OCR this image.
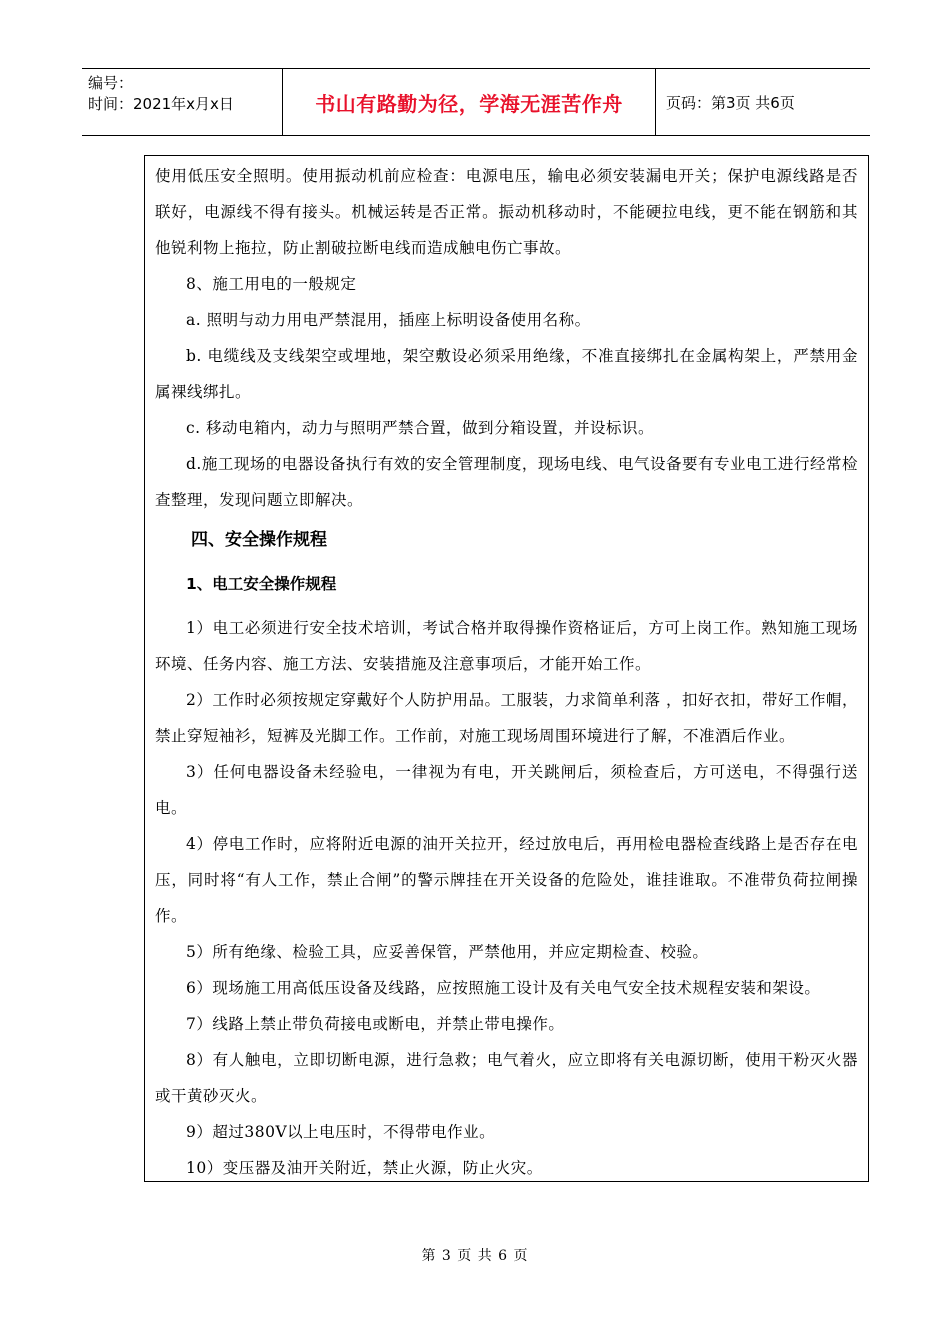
编号：
时间：2021年x月x日	书山有路勤为径，学海无涯苦作舟	页码：第3页 共6页

使用低压安全照明。使用振动机前应检查：电源电压，输电必须安装漏电开关；保护电源线路是否联好，电源线不得有接头。机械运转是否正常。振动机移动时，不能硬拉电线，更不能在钢筋和其他锐利物上拖拉，防止割破拉断电线而造成触电伤亡事故。

8、施工用电的一般规定

a. 照明与动力用电严禁混用，插座上标明设备使用名称。

b. 电缆线及支线架空或埋地，架空敷设必须采用绝缘，不准直接绑扎在金属构架上，严禁用金属裸线绑扎。

c. 移动电箱内，动力与照明严禁合置，做到分箱设置，并设标识。

d.施工现场的电器设备执行有效的安全管理制度，现场电线、电气设备要有专业电工进行经常检查整理，发现问题立即解决。

四、安全操作规程
1、电工安全操作规程

1）电工必须进行安全技术培训，考试合格并取得操作资格证后，方可上岗工作。熟知施工现场环境、任务内容、施工方法、安装措施及注意事项后，才能开始工作。

2）工作时必须按规定穿戴好个人防护用品。工服装，力求简单利落 ，扣好衣扣，带好工作帽，禁止穿短袖衫，短裤及光脚工作。工作前，对施工现场周围环境进行了解，不准酒后作业。

3）任何电器设备未经验电，一律视为有电，开关跳闸后，须检查后，方可送电，不得强行送电。

4）停电工作时，应将附近电源的油开关拉开，经过放电后，再用检电器检查线路上是否存在电压，同时将“有人工作，禁止合闸”的警示牌挂在开关设备的危险处，谁挂谁取。不准带负荷拉闸操作。

5）所有绝缘、检验工具，应妥善保管，严禁他用，并应定期检查、校验。

6）现场施工用高低压设备及线路，应按照施工设计及有关电气安全技术规程安装和架设。

7）线路上禁止带负荷接电或断电，并禁止带电操作。

8）有人触电，立即切断电源，进行急救；电气着火，应立即将有关电源切断，使用干粉灭火器或干黄砂灭火。

9）超过380V以上电压时，不得带电作业。

10）变压器及油开关附近，禁止火源，防止火灾。

第 3 页 共 6 页
